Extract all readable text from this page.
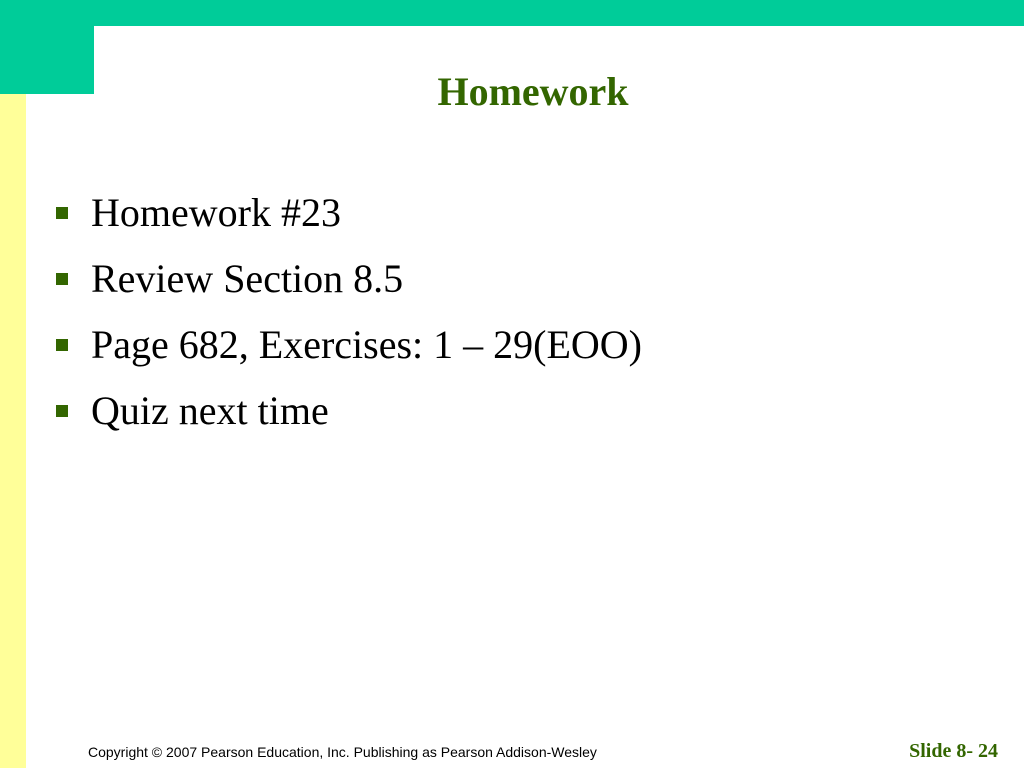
Homework
Homework #23
Review Section 8.5
Page 682, Exercises: 1 – 29(EOO)
Quiz next time
Copyright © 2007 Pearson Education, Inc. Publishing as Pearson Addison-Wesley	Slide 8- 24
